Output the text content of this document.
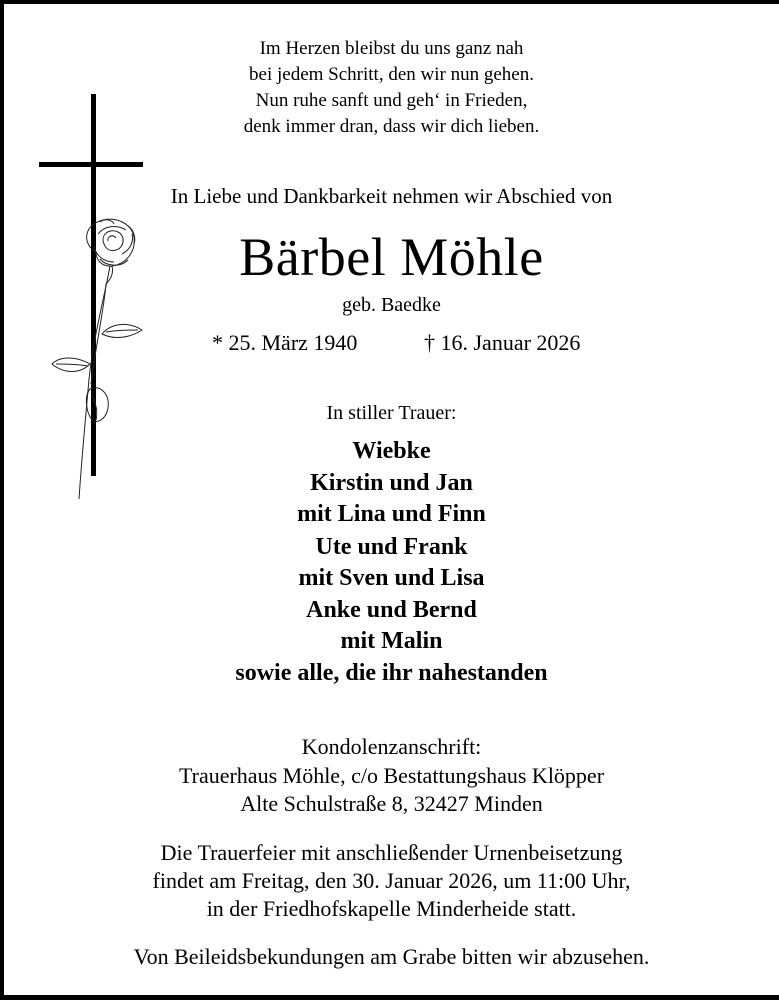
Im Herzen bleibst du uns ganz nah
bei jedem Schritt, den wir nun gehen.
Nun ruhe sanft und geh‘ in Frieden,
denk immer dran, dass wir dich lieben.
In Liebe und Dankbarkeit nehmen wir Abschied von
Bärbel Möhle
geb. Baedke
* 25. März 1940	† 16. Januar 2026
In stiller Trauer:
Wiebke
Kirstin und Jan
mit Lina und Finn
Ute und Frank
mit Sven und Lisa
Anke und Bernd
mit Malin
sowie alle, die ihr nahestanden
Kondolenzanschrift:
Trauerhaus Möhle, c/o Bestattungshaus Klöpper
Alte Schulstraße 8, 32427 Minden
Die Trauerfeier mit anschließender Urnenbeisetzung
findet am Freitag, den 30. Januar 2026, um 11:00 Uhr,
in der Friedhofskapelle Minderheide statt.
Von Beileidsbekundungen am Grabe bitten wir abzusehen.
